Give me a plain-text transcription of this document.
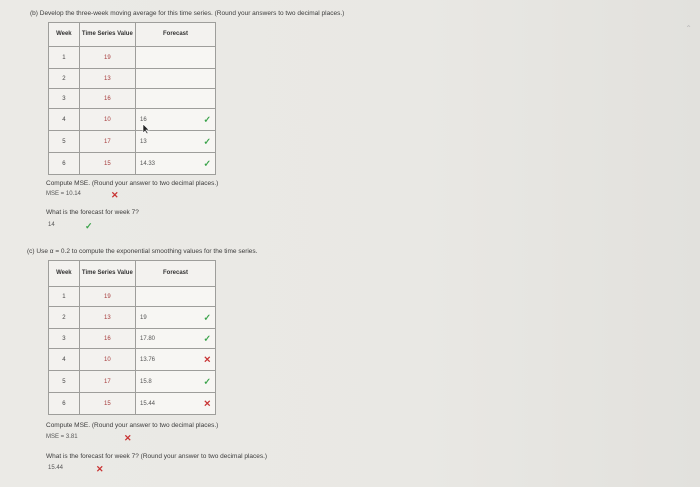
(b) Develop the three-week moving average for this time series. (Round your answers to two decimal places.)
Week	Time Series Value	Forecast
1	19	
2	13	
3	16	
4	10	16 ✓

5	17	13 ✓

6	15	14.33 ✓
Compute MSE. (Round your answer to two decimal places.)
MSE = 10.14	✕
What is the forecast for week 7?
14	✓
(c) Use α = 0.2 to compute the exponential smoothing values for the time series.
Week	Time Series Value	Forecast
1	19	
2	13	19 ✓

3	16	17.80 ✓

4	10	13.76 ✕

5	17	15.8 ✓

6	15	15.44 ✕
Compute MSE. (Round your answer to two decimal places.)
MSE = 3.81	✕
What is the forecast for week 7? (Round your answer to two decimal places.)
15.44	✕
⌃
